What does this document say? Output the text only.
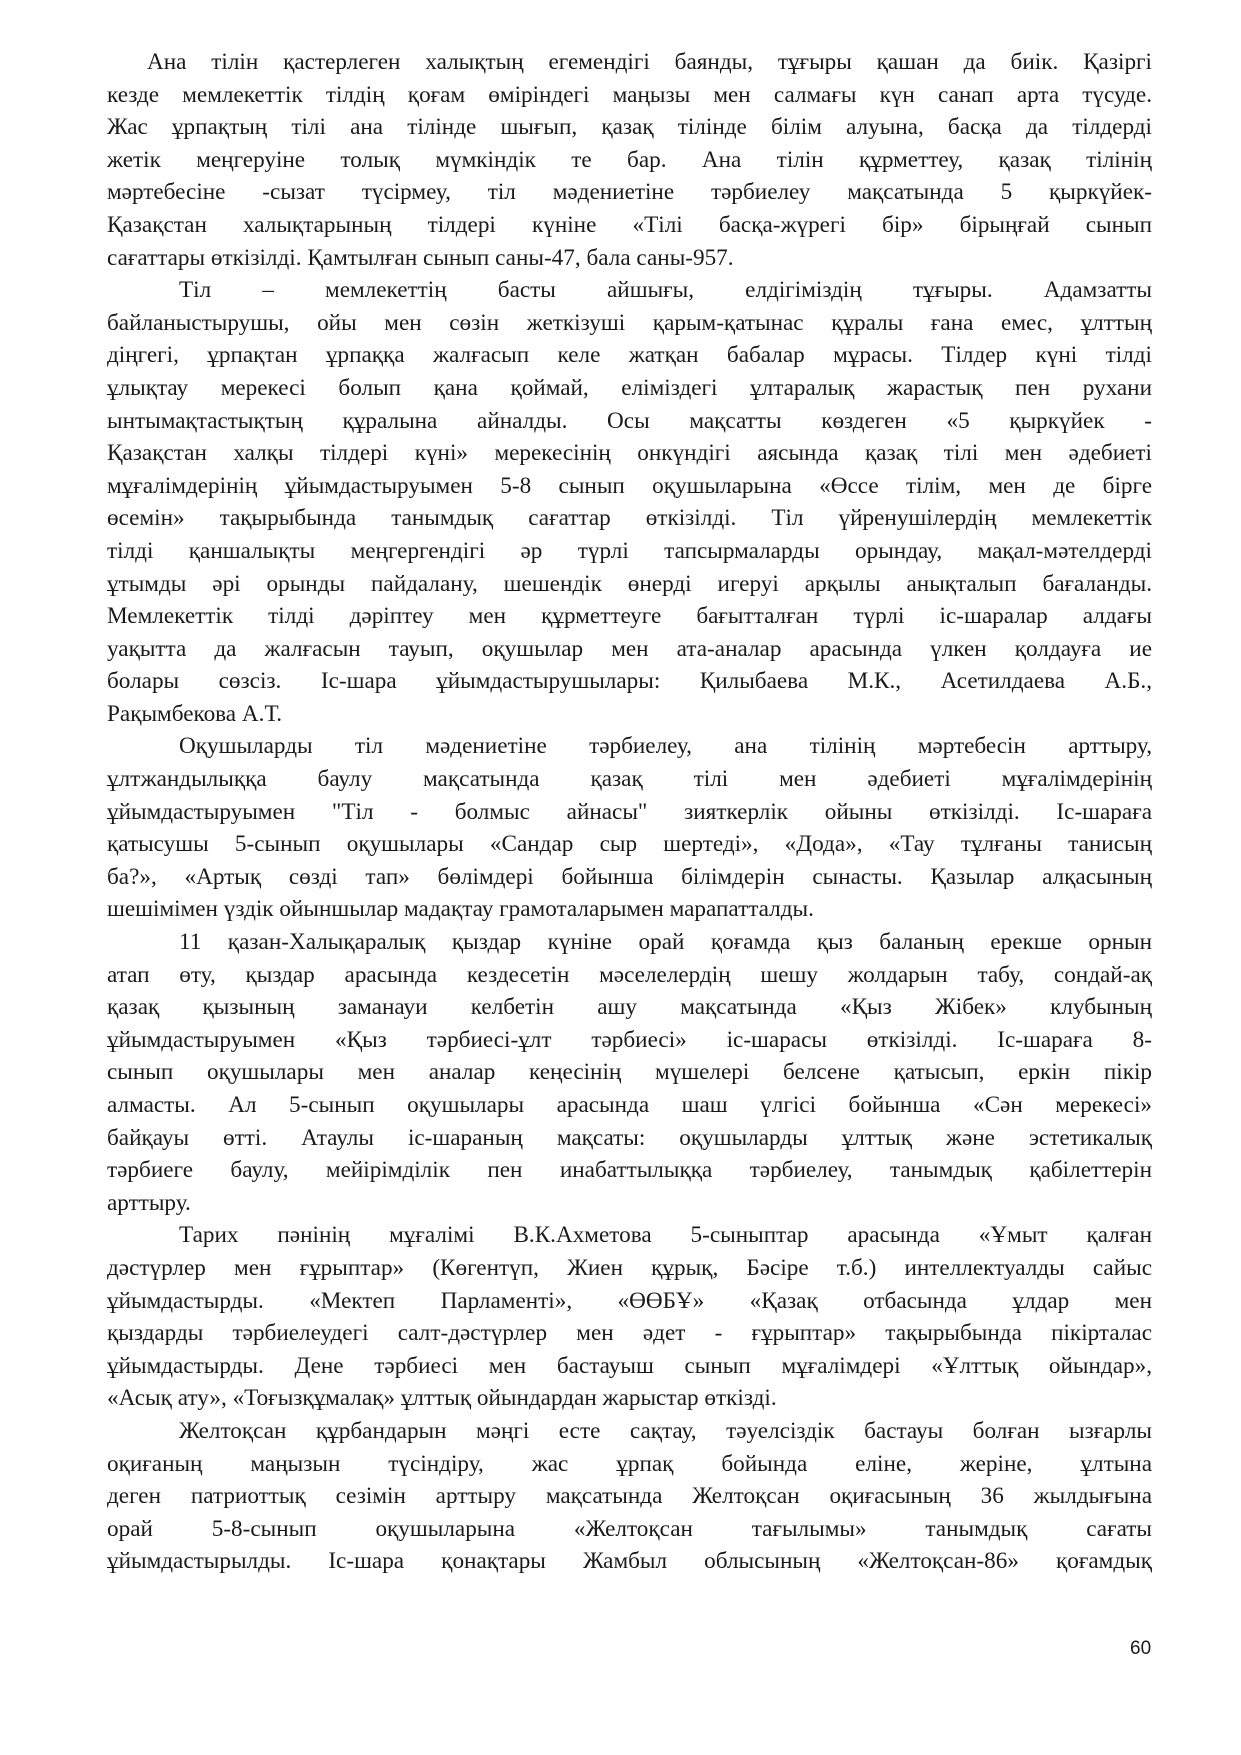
Ана тілін қастерлеген халықтың егемендігі баянды, тұғыры қашан да биік. Қазіргі
кезде мемлекеттік тілдің қоғам өміріндегі маңызы мен салмағы күн санап арта түсуде.
Жас ұрпақтың тілі ана тілінде шығып, қазақ тілінде білім алуына, басқа да тілдерді
жетік меңгеруіне толық мүмкіндік те бар. Ана тілін құрметтеу, қазақ тілінің
мәртебесіне -сызат түсірмеу, тіл мәдениетіне тәрбиелеу мақсатында 5 қыркүйек-
Қазақстан халықтарының тілдері күніне «Тілі басқа-жүрегі бір» бірыңғай сынып
сағаттары өткізілді. Қамтылған сынып саны-47, бала саны-957.
Тіл – мемлекеттің басты айшығы, елдігіміздің тұғыры. Адамзатты
байланыстырушы, ойы мен сөзін жеткізуші қарым-қатынас құралы ғана емес, ұлттың
діңгегі, ұрпақтан ұрпаққа жалғасып келе жатқан бабалар мұрасы. Тілдер күні тілді
ұлықтау мерекесі болып қана қоймай, еліміздегі ұлтаралық жарастық пен рухани
ынтымақтастықтың құралына айналды. Осы мақсатты көздеген «5 қыркүйек -
Қазақстан халқы тілдері күні» мерекесінің онкүндігі аясында қазақ тілі мен әдебиеті
мұғалімдерінің ұйымдастыруымен 5-8 сынып оқушыларына «Өссе тілім, мен де бірге
өсемін» тақырыбында танымдық сағаттар өткізілді. Тіл үйренушілердің мемлекеттік
тілді қаншалықты меңгергендігі әр түрлі тапсырмаларды орындау, мақал-мәтелдерді
ұтымды әрі орынды пайдалану, шешендік өнерді игеруі арқылы анықталып бағаланды.
Мемлекеттік тілді дәріптеу мен құрметтеуге бағытталған түрлі іс-шаралар алдағы
уақытта да жалғасын тауып, оқушылар мен ата-аналар арасында үлкен қолдауға ие
болары сөзсіз. Іс-шара ұйымдастырушылары: Қилыбаева М.К., Асетилдаева А.Б.,
Рақымбекова А.Т.
Оқушыларды тіл мәдениетіне тәрбиелеу, ана тілінің мәртебесін арттыру,
ұлтжандылыққа баулу мақсатында қазақ тілі мен әдебиеті мұғалімдерінің
ұйымдастыруымен "Тіл - болмыс айнасы" зияткерлік ойыны өткізілді. Іс-шараға
қатысушы 5-сынып оқушылары «Сандар сыр шертеді», «Дода», «Тау тұлғаны танисың
ба?», «Артық сөзді тап» бөлімдері бойынша білімдерін сынасты. Қазылар алқасының
шешімімен үздік ойыншылар мадақтау грамоталарымен марапатталды.
11 қазан-Халықаралық қыздар күніне орай қоғамда қыз баланың ерекше орнын
атап өту, қыздар арасында кездесетін мәселелердің шешу жолдарын табу, сондай-ақ
қазақ қызының заманауи келбетін ашу мақсатында «Қыз Жібек» клубының
ұйымдастыруымен «Қыз тәрбиесі-ұлт тәрбиесі» іс-шарасы өткізілді. Іс-шараға 8-
сынып оқушылары мен аналар кеңесінің мүшелері белсене қатысып, еркін пікір
алмасты. Ал 5-сынып оқушылары арасында шаш үлгісі бойынша «Сән мерекесі»
байқауы өтті. Атаулы іс-шараның мақсаты: оқушыларды ұлттық және эстетикалық
тәрбиеге баулу, мейірімділік пен инабаттылыққа тәрбиелеу, танымдық қабілеттерін
арттыру.
Тарих пәнінің мұғалімі В.К.Ахметова 5-сыныптар арасында «Ұмыт қалған
дәстүрлер мен ғұрыптар» (Көгентүп, Жиен құрық, Бәсіре т.б.) интеллектуалды сайыс
ұйымдастырды. «Мектеп Парламенті», «ӨӨБҰ» «Қазақ отбасында ұлдар мен
қыздарды тәрбиелеудегі салт-дәстүрлер мен әдет - ғұрыптар» тақырыбында пікірталас
ұйымдастырды. Дене тәрбиесі мен бастауыш сынып мұғалімдері «Ұлттық ойындар»,
«Асық ату», «Тоғызқұмалақ» ұлттық ойындардан жарыстар өткізді.
Желтоқсан құрбандарын мәңгі есте сақтау, тәуелсіздік бастауы болған ызғарлы
оқиғаның маңызын түсіндіру, жас ұрпақ бойында еліне, жеріне, ұлтына
деген патриоттық сезімін арттыру мақсатында Желтоқсан оқиғасының 36 жылдығына
орай 5-8-сынып оқушыларына «Желтоқсан тағылымы» танымдық сағаты
ұйымдастырылды. Іс-шара қонақтары Жамбыл облысының «Желтоқсан-86» қоғамдық
60
